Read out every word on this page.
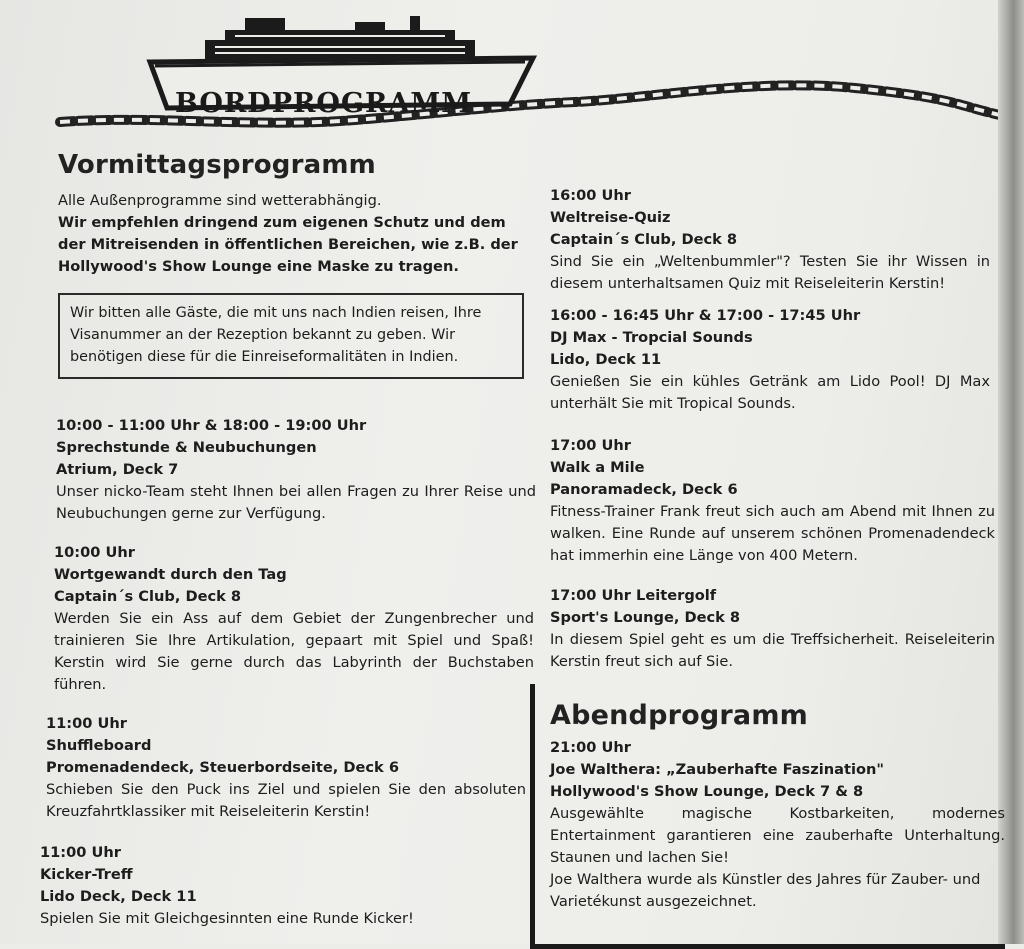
BORDPROGRAMM
Vormittagsprogramm

Alle Außenprogramme sind wetterabhängig.

Wir empfehlen dringend zum eigenen Schutz und dem der Mitreisenden in öffentlichen Bereichen, wie z.B. der Hollywood's Show Lounge eine Maske zu tragen.

Wir bitten alle Gäste, die mit uns nach Indien reisen, Ihre Visanummer an der Rezeption bekannt zu geben. Wir benötigen diese für die Einreiseformalitäten in Indien.

10:00 - 11:00 Uhr & 18:00 - 19:00 Uhr

Sprechstunde & Neubuchungen

Atrium, Deck 7

Unser nicko-Team steht Ihnen bei allen Fragen zu Ihrer Reise und Neubuchungen gerne zur Verfügung.

10:00 Uhr

Wortgewandt durch den Tag

Captain´s Club, Deck 8

Werden Sie ein Ass auf dem Gebiet der Zungenbrecher und trainieren Sie Ihre Artikulation, gepaart mit Spiel und Spaß! Kerstin wird Sie gerne durch das Labyrinth der Buchstaben führen.

11:00 Uhr

Shuffleboard

Promenadendeck, Steuerbordseite, Deck 6

Schieben Sie den Puck ins Ziel und spielen Sie den absoluten Kreuzfahrtklassiker mit Reiseleiterin Kerstin!

11:00 Uhr

Kicker-Treff

Lido Deck, Deck 11

Spielen Sie mit Gleichgesinnten eine Runde Kicker!

16:00 Uhr

Weltreise-Quiz

Captain´s Club, Deck 8

Sind Sie ein „Weltenbummler"? Testen Sie ihr Wissen in diesem unterhaltsamen Quiz mit Reiseleiterin Kerstin!

16:00 - 16:45 Uhr & 17:00 - 17:45 Uhr

DJ Max - Tropcial Sounds

Lido, Deck 11

Genießen Sie ein kühles Getränk am Lido Pool! DJ Max unterhält Sie mit Tropical Sounds.

17:00 Uhr

Walk a Mile

Panoramadeck, Deck 6

Fitness-Trainer Frank freut sich auch am Abend mit Ihnen zu walken. Eine Runde auf unserem schönen Promenadendeck hat immerhin eine Länge von 400 Metern.

17:00 Uhr Leitergolf

Sport's Lounge, Deck 8

In diesem Spiel geht es um die Treffsicherheit. Reiseleiterin Kerstin freut sich auf Sie.

Abendprogramm

21:00 Uhr

Joe Walthera: „Zauberhafte Faszination"

Hollywood's Show Lounge, Deck 7 & 8

Ausgewählte magische Kostbarkeiten, modernes Entertainment garantieren eine zauberhafte Unterhaltung. Staunen und lachen Sie!

Joe Walthera wurde als Künstler des Jahres für Zauber- und Varietékunst ausgezeichnet.
